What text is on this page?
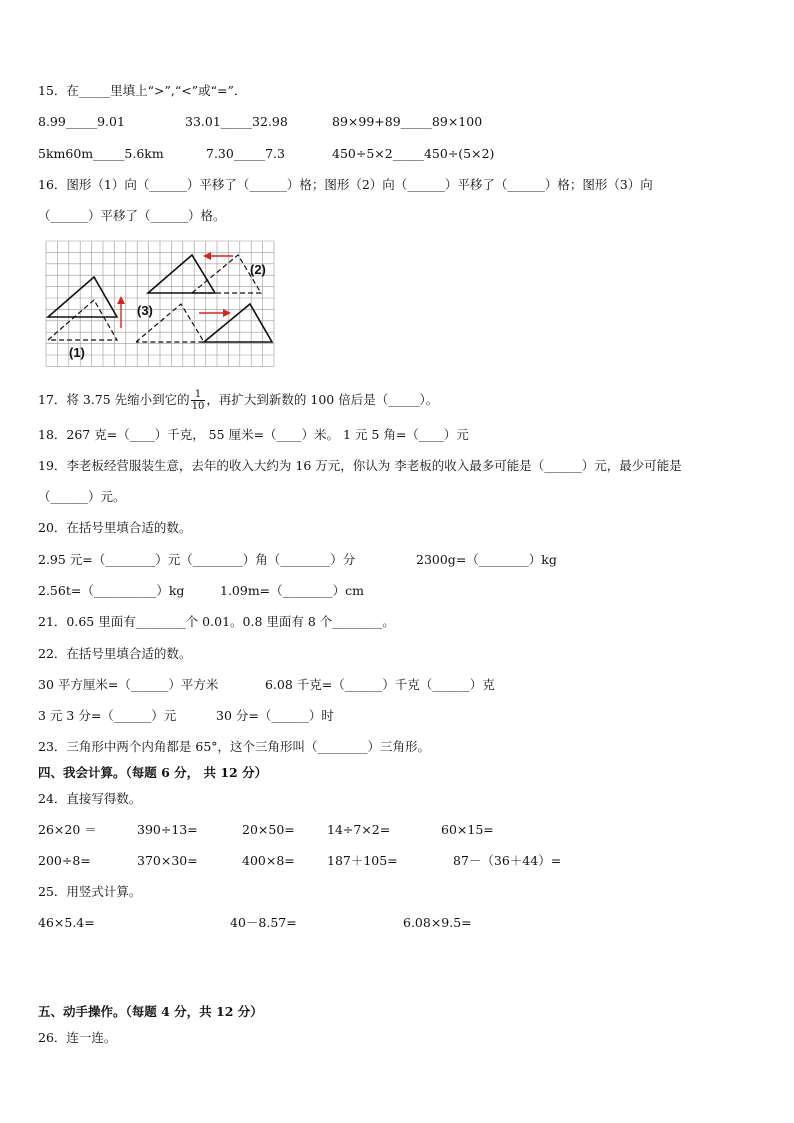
15．在_____里填上“>”,“<”或“=”．
8.99_____9.01	33.01_____32.98	89×99+89_____89×100
5km60m_____5.6km	7.30_____7.3	450÷5×2_____450÷(5×2)
16．图形（1）向（______）平移了（______）格；图形（2）向（______）平移了（______）格；图形（3）向
（______）平移了（______）格。
(1)
(2)
(3)
17．将 3.75 先缩小到它的 $\frac{1}{10}$ ，再扩大到新数的 100 倍后是（_____）。
18．267 克=（____）千克， 55 厘米=（____）米。 1 元 5 角=（____）元
19．李老板经营服装生意，去年的收入大约为 16 万元，你认为 李老板的收入最多可能是（______）元，最少可能是
（______）元。
20．在括号里填合适的数。
2.95 元=（________）元（________）角（________）分	2300g=（________）kg
2.56t=（__________）kg	1.09m=（________）cm
21．0.65 里面有________个 0.01。0.8 里面有 8 个________。
22．在括号里填合适的数。
30 平方厘米=（______）平方米	6.08 千克=（______）千克（______）克
3 元 3 分=（______）元	30 分=（______）时
23．三角形中两个内角都是 65°，这个三角形叫（________）三角形。
四、我会计算。（每题 6 分， 共 12 分）
24．直接写得数。
26×20 ＝	390÷13=	20×50=	14÷7×2=	60×15=
200÷8=	370×30=	400×8=	187＋105=	87－（36＋44）=
25．用竖式计算。
46×5.4=	40－8.57=	6.08×9.5=
五、动手操作。（每题 4 分，共 12 分）
26．连一连。
